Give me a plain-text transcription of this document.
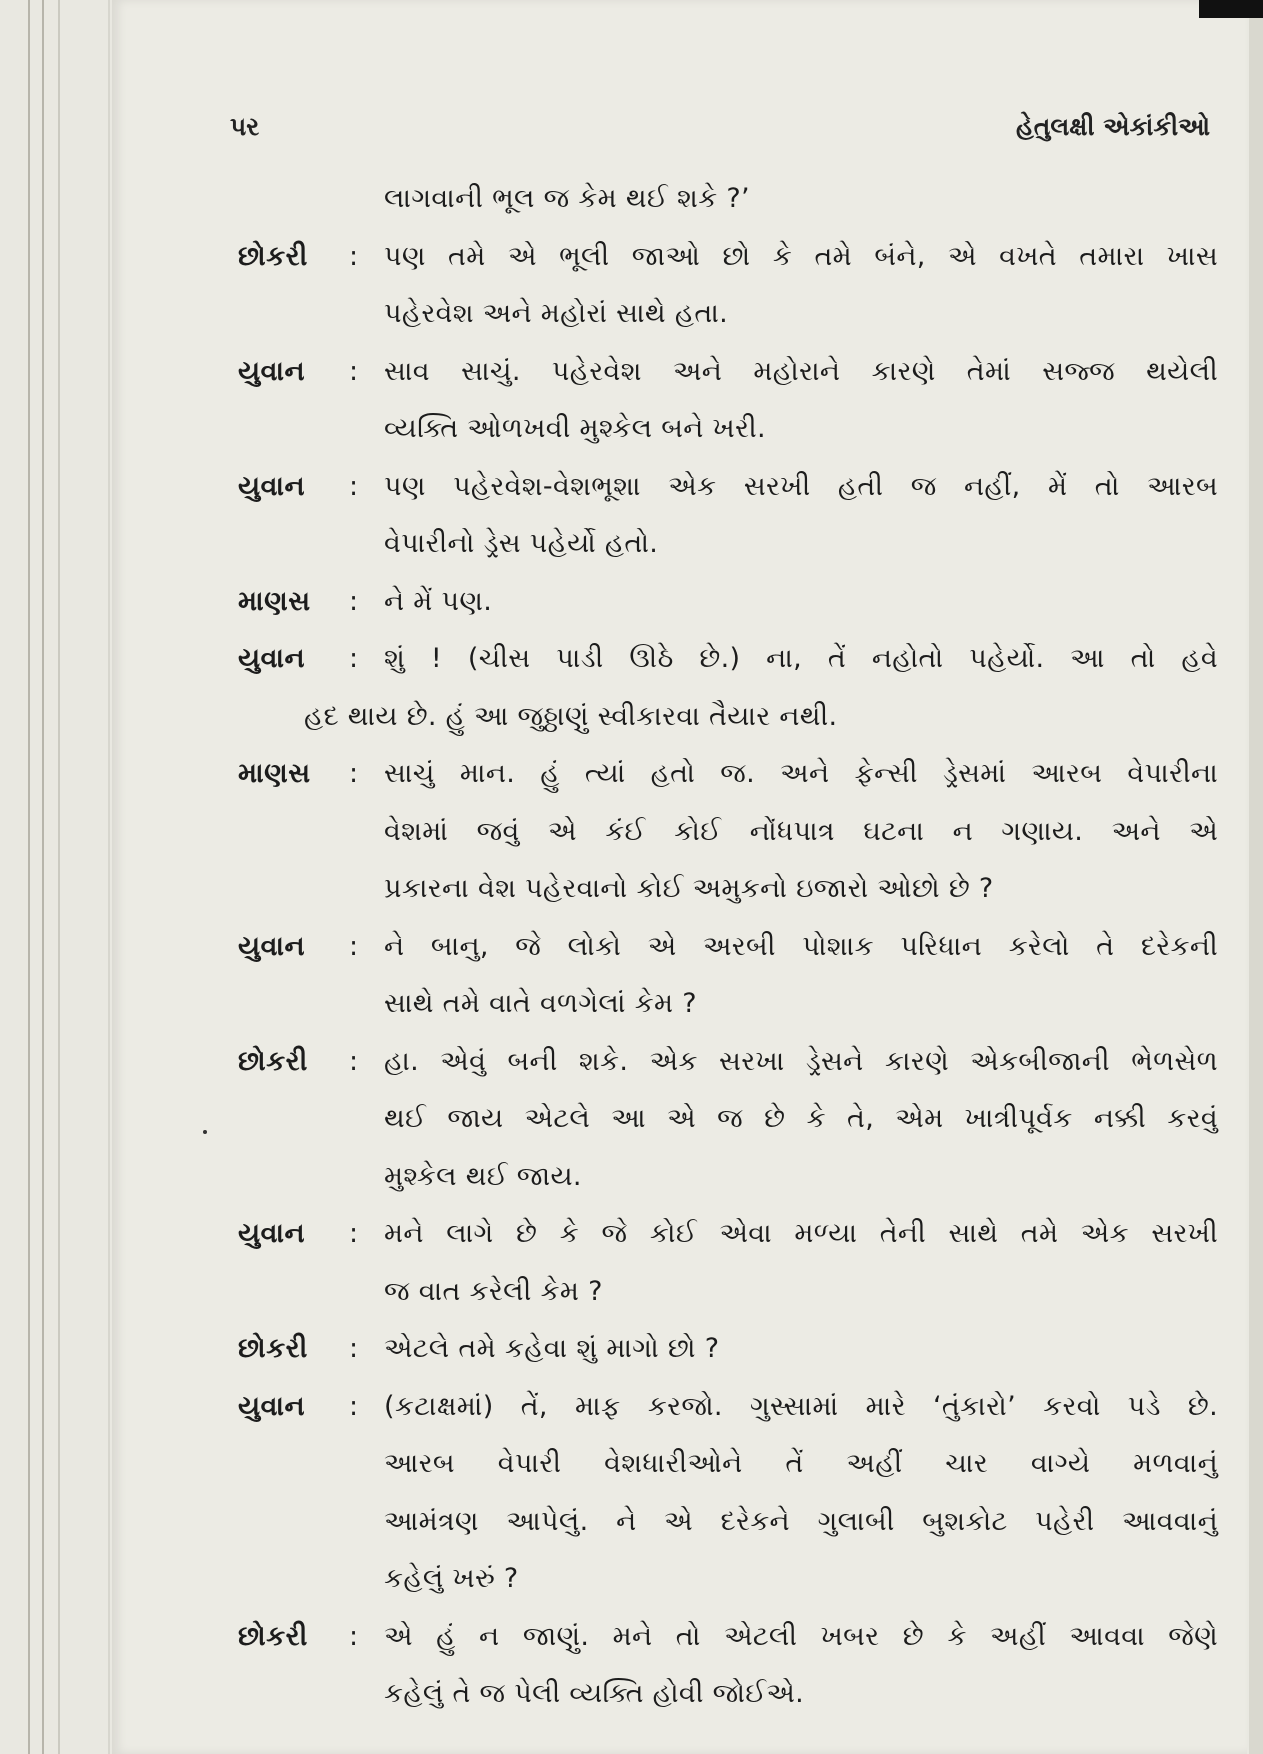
પર	હેતુલક્ષી એકાંકીઓ
લાગવાની ભૂલ જ કેમ થઈ શકે ?’
છોકરી : પણ તમે એ ભૂલી જાઓ છો કે તમે બંને, એ વખતે તમારા ખાસ
પહેરવેશ અને મહોરાં સાથે હતા.
યુવાન : સાવ સાચું. પહેરવેશ અને મહોરાને કારણે તેમાં સજ્જ થયેલી
વ્યક્તિ ઓળખવી મુશ્કેલ બને ખરી.
યુવાન : પણ પહેરવેશ-વેશભૂશા એક સરખી હતી જ નહીં, મેં તો આરબ
વેપારીનો ડ્રેસ પહેર્યો હતો.
માણસ : ને મેં પણ.
યુવાન : શું ! (ચીસ પાડી ઊઠે છે.) ના, તેં નહોતો પહેર્યો. આ તો હવે
હદ થાય છે. હું આ જુઠ્ઠાણું સ્વીકારવા તૈયાર નથી.
માણસ : સાચું માન. હું ત્યાં હતો જ. અને ફેન્સી ડ્રેસમાં આરબ વેપારીના
વેશમાં જવું એ કંઈ કોઈ નોંધપાત્ર ઘટના ન ગણાય. અને એ
પ્રકારના વેશ પહેરવાનો કોઈ અમુકનો ઇજારો ઓછો છે ?
યુવાન : ને બાનુ, જે લોકો એ અરબી પોશાક પરિધાન કરેલો તે દરેકની
સાથે તમે વાતે વળગેલાં કેમ ?
છોકરી : હા. એવું બની શકે. એક સરખા ડ્રેસને કારણે એકબીજાની ભેળસેળ
થઈ જાય એટલે આ એ જ છે કે તે, એમ ખાત્રીપૂર્વક નક્કી કરવું
મુશ્કેલ થઈ જાય.
યુવાન : મને લાગે છે કે જે કોઈ એવા મળ્યા તેની સાથે તમે એક સરખી
જ વાત કરેલી કેમ ?
છોકરી : એટલે તમે કહેવા શું માગો છો ?
યુવાન : (કટાક્ષમાં) તેં, માફ કરજો. ગુસ્સામાં મારે ‘તુંકારો’ કરવો પડે છે.
આરબ વેપારી વેશધારીઓને તેં અહીં ચાર વાગ્યે મળવાનું
આમંત્રણ આપેલું. ને એ દરેકને ગુલાબી બુશકોટ પહેરી આવવાનું
કહેલું ખરું ?
છોકરી : એ હું ન જાણું. મને તો એટલી ખબર છે કે અહીં આવવા જેણે
કહેલું તે જ પેલી વ્યક્તિ હોવી જોઈએ.
